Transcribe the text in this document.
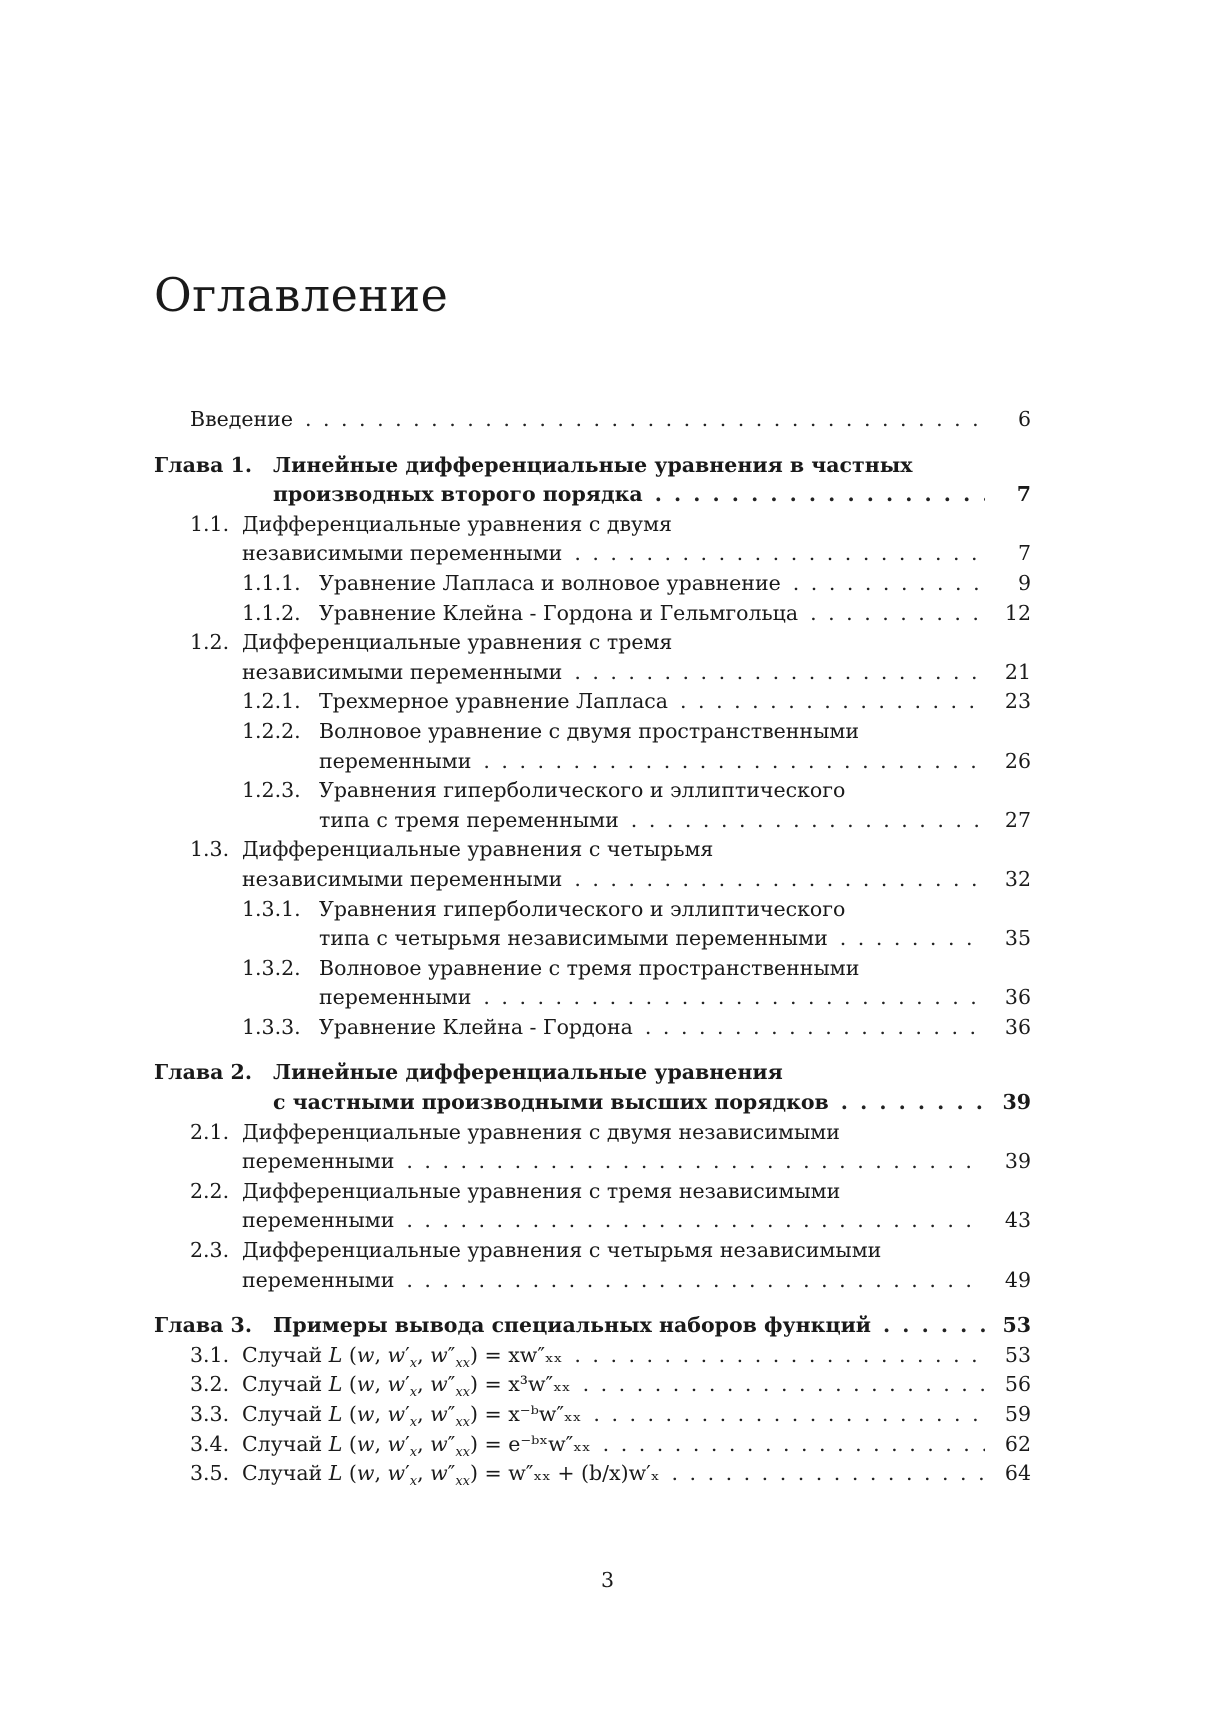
Оглавление
Введение . . .	6
Глава 1. Линейные дифференциальные уравнения в частных
производных второго порядка . . .	7
1.1. Дифференциальные уравнения с двумя
независимыми переменными . . .	7
1.1.1. Уравнение Лапласа и волновое уравнение . . .	9
1.1.2. Уравнение Клейна - Гордона и Гельмгольца . . .	12
1.2. Дифференциальные уравнения с тремя
независимыми переменными . . .	21
1.2.1. Трехмерное уравнение Лапласа . . .	23
1.2.2. Волновое уравнение с двумя пространственными
переменными . . .	26
1.2.3. Уравнения гиперболического и эллиптического
типа с тремя переменными . . .	27
1.3. Дифференциальные уравнения с четырьмя
независимыми переменными . . .	32
1.3.1. Уравнения гиперболического и эллиптического
типа с четырьмя независимыми переменными . . .	35
1.3.2. Волновое уравнение с тремя пространственными
переменными . . .	36
1.3.3. Уравнение Клейна - Гордона . . .	36
Глава 2. Линейные дифференциальные уравнения
с частными производными высших порядков . . .	39
2.1. Дифференциальные уравнения с двумя независимыми
переменными . . .	39
2.2. Дифференциальные уравнения с тремя независимыми
переменными . . .	43
2.3. Дифференциальные уравнения с четырьмя независимыми
переменными . . .	49
Глава 3. Примеры вывода специальных наборов функций . . .	53
3.1. Случай L (w, $w'_x$, $w''_{xx}) = xw''_{xx}$ . . .	53
3.2. Случай L (w, $w'_x$, $w''_{xx}) = x^3w''_{xx}$ . . .	56
3.3. Случай L (w, $w'_x$, $w''_{xx}$) = x⁻ᵇw″ₓₓ . . .	59
3.4. Случай L (w, $w'_x$, $w''_{xx}$) = e⁻ᵇˣw″ₓₓ . . .	62
3.5. Случай L (w, $w'_x$, $w''_{xx}) = w''_{xx} + (b/x)w'_x$ . . .	64
3
